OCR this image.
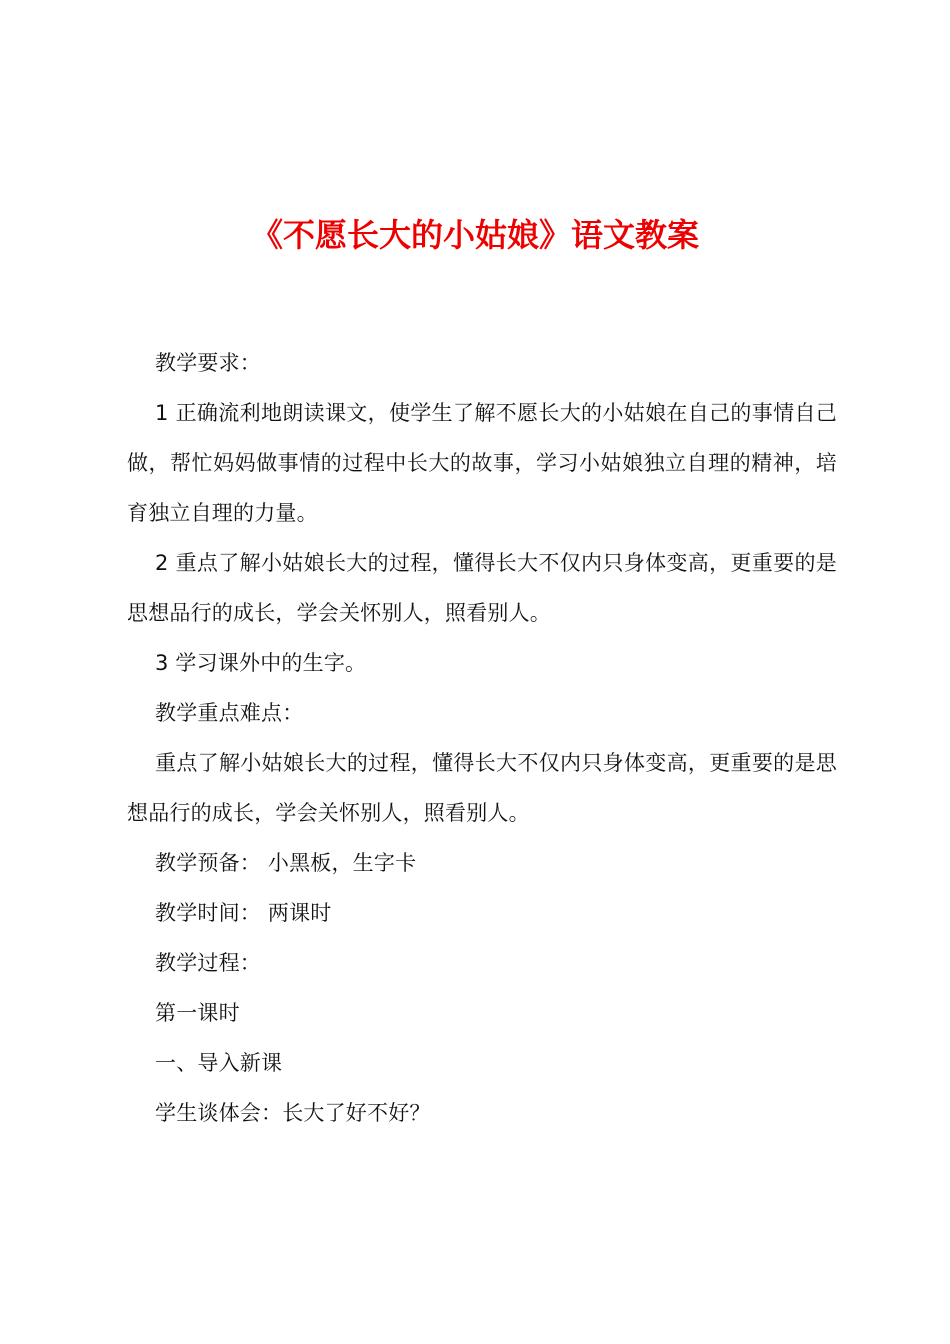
《不愿长大的小姑娘》语文教案

教学要求：

1 正确流利地朗读课文，使学生了解不愿长大的小姑娘在自己的事情自己做，帮忙妈妈做事情的过程中长大的故事，学习小姑娘独立自理的精神，培育独立自理的力量。

2 重点了解小姑娘长大的过程，懂得长大不仅内只身体变高，更重要的是思想品行的成长，学会关怀别人，照看别人。

3 学习课外中的生字。

教学重点难点：

重点了解小姑娘长大的过程，懂得长大不仅内只身体变高，更重要的是思想品行的成长，学会关怀别人，照看别人。

教学预备： 小黑板，生字卡

教学时间： 两课时

教学过程：

第一课时

一、导入新课

学生谈体会：长大了好不好？
